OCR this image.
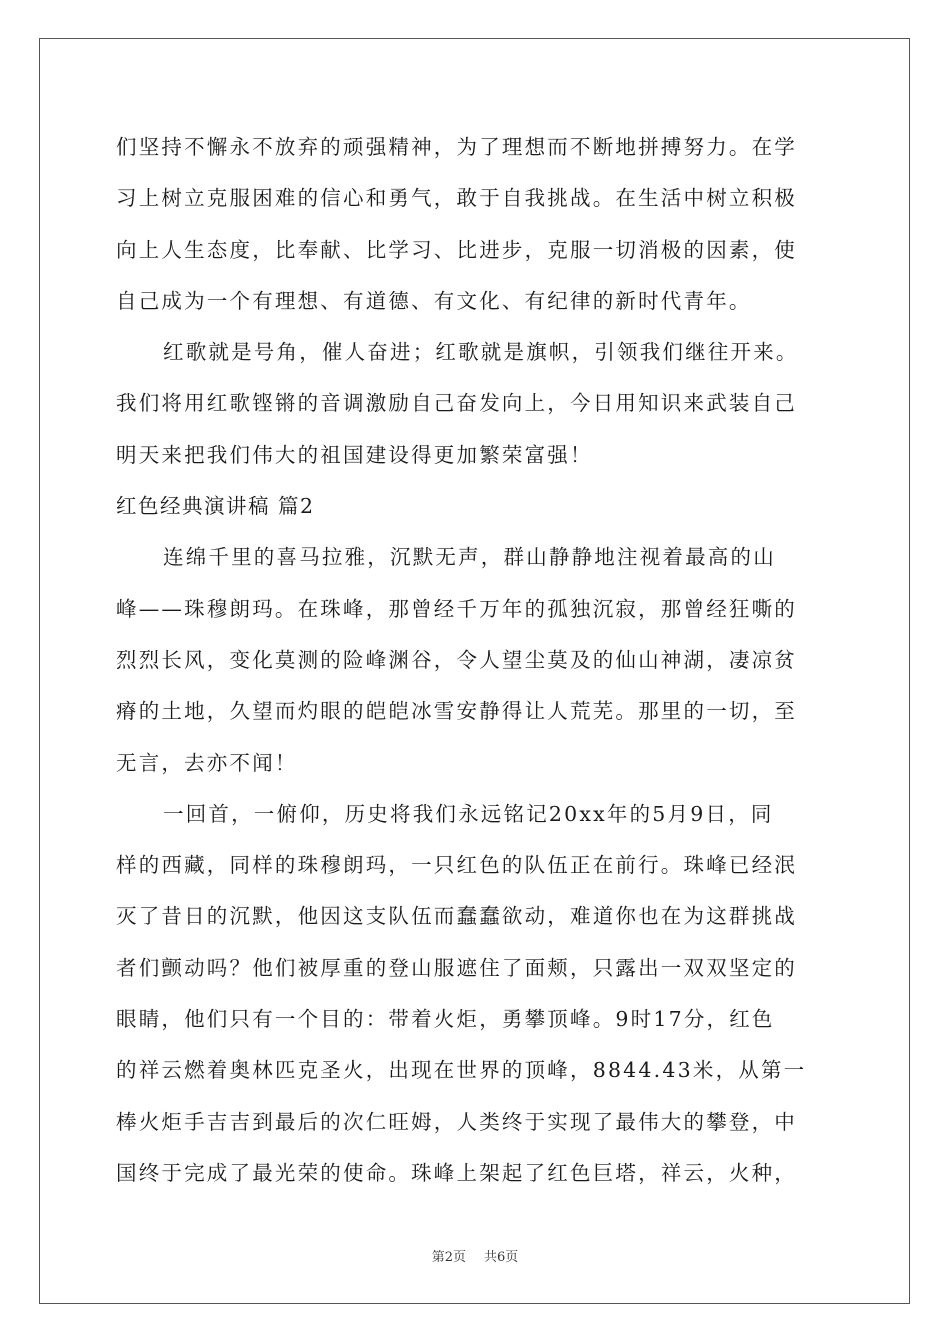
们坚持不懈永不放弃的顽强精神，为了理想而不断地拼搏努力。在学
习上树立克服困难的信心和勇气，敢于自我挑战。在生活中树立积极
向上人生态度，比奉献、比学习、比进步，克服一切消极的因素，使
自己成为一个有理想、有道德、有文化、有纪律的新时代青年。
红歌就是号角，催人奋进；红歌就是旗帜，引领我们继往开来。
我们将用红歌铿锵的音调激励自己奋发向上，今日用知识来武装自己
明天来把我们伟大的祖国建设得更加繁荣富强！
红色经典演讲稿 篇2
连绵千里的喜马拉雅，沉默无声，群山静静地注视着最高的山
峰——珠穆朗玛。在珠峰，那曾经千万年的孤独沉寂，那曾经狂嘶的
烈烈长风，变化莫测的险峰渊谷，令人望尘莫及的仙山神湖，凄凉贫
瘠的土地，久望而灼眼的皑皑冰雪安静得让人荒芜。那里的一切，至
无言，去亦不闻！
一回首，一俯仰，历史将我们永远铭记20xx年的5月9日，同
样的西藏，同样的珠穆朗玛，一只红色的队伍正在前行。珠峰已经泯
灭了昔日的沉默，他因这支队伍而蠢蠢欲动，难道你也在为这群挑战
者们颤动吗？他们被厚重的登山服遮住了面颊，只露出一双双坚定的
眼睛，他们只有一个目的：带着火炬，勇攀顶峰。9时17分，红色
的祥云燃着奥林匹克圣火，出现在世界的顶峰，8844.43米，从第一
棒火炬手吉吉到最后的次仁旺姆，人类终于实现了最伟大的攀登，中
国终于完成了最光荣的使命。珠峰上架起了红色巨塔，祥云，火种，
第2页 共6页
